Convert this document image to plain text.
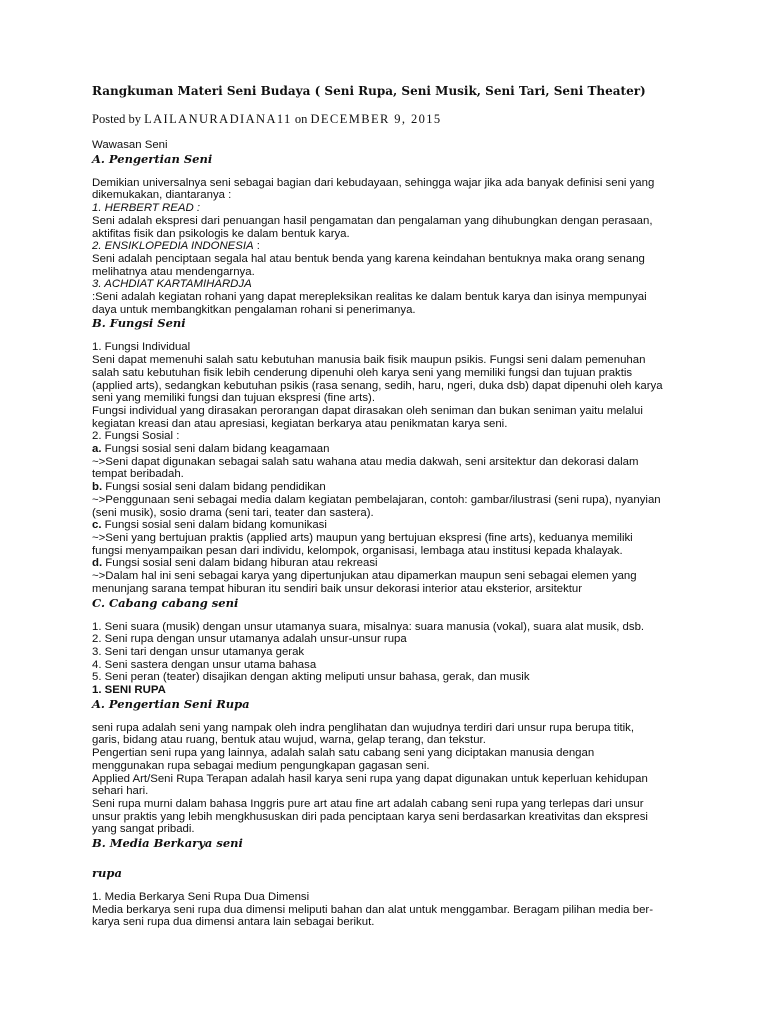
Rangkuman Materi Seni Budaya ( Seni Rupa, Seni Musik, Seni Tari, Seni Theater)

Posted by LAILANURADIANA11 on DECEMBER 9, 2015

Wawasan Seni

A. Pengertian Seni

Demikian universalnya seni sebagai bagian dari kebudayaan, sehingga wajar jika ada banyak definisi seni yang

dikemukakan, diantaranya :

1. HERBERT READ :

Seni adalah ekspresi dari penuangan hasil pengamatan dan pengalaman yang dihubungkan dengan perasaan,

aktifitas fisik dan psikologis ke dalam bentuk karya.

2. ENSIKLOPEDIA INDONESIA :

Seni adalah penciptaan segala hal atau bentuk benda yang karena keindahan bentuknya maka orang senang

melihatnya atau mendengarnya.

3. ACHDIAT KARTAMIHARDJA

:Seni adalah kegiatan rohani yang dapat merepleksikan realitas ke dalam bentuk karya dan isinya mempunyai

daya untuk membangkitkan pengalaman rohani si penerimanya.

B. Fungsi Seni

1. Fungsi Individual

Seni dapat memenuhi salah satu kebutuhan manusia baik fisik maupun psikis. Fungsi seni dalam pemenuhan

salah satu kebutuhan fisik lebih cenderung dipenuhi oleh karya seni yang memiliki fungsi dan tujuan praktis

(applied arts), sedangkan kebutuhan psikis (rasa senang, sedih, haru, ngeri, duka dsb) dapat dipenuhi oleh karya

seni yang memiliki fungsi dan tujuan ekspresi (fine arts).

Fungsi individual yang dirasakan perorangan dapat dirasakan oleh seniman dan bukan seniman yaitu melalui

kegiatan kreasi dan atau apresiasi, kegiatan berkarya atau penikmatan karya seni.

2. Fungsi Sosial :

a. Fungsi sosial seni dalam bidang keagamaan

~>Seni dapat digunakan sebagai salah satu wahana atau media dakwah, seni arsitektur dan dekorasi dalam

tempat beribadah.

b. Fungsi sosial seni dalam bidang pendidikan

~>Penggunaan seni sebagai media dalam kegiatan pembelajaran, contoh: gambar/ilustrasi (seni rupa), nyanyian

(seni musik), sosio drama (seni tari, teater dan sastera).

c. Fungsi sosial seni dalam bidang komunikasi

~>Seni yang bertujuan praktis (applied arts) maupun yang bertujuan ekspresi (fine arts), keduanya memiliki

fungsi menyampaikan pesan dari individu, kelompok, organisasi, lembaga atau institusi kepada khalayak.

d. Fungsi sosial seni dalam bidang hiburan atau rekreasi

~>Dalam hal ini seni sebagai karya yang dipertunjukan atau dipamerkan maupun seni sebagai elemen yang

menunjang sarana tempat hiburan itu sendiri baik unsur dekorasi interior atau eksterior, arsitektur

C. Cabang cabang seni

1. Seni suara (musik) dengan unsur utamanya suara, misalnya: suara manusia (vokal), suara alat musik, dsb.

2. Seni rupa dengan unsur utamanya adalah unsur-unsur rupa

3. Seni tari dengan unsur utamanya gerak

4. Seni sastera dengan unsur utama bahasa

5. Seni peran (teater) disajikan dengan akting meliputi unsur bahasa, gerak, dan musik

1. SENI RUPA

A. Pengertian Seni Rupa

seni rupa adalah seni yang nampak oleh indra penglihatan dan wujudnya terdiri dari unsur rupa berupa titik,

garis, bidang atau ruang, bentuk atau wujud, warna, gelap terang, dan tekstur.

Pengertian seni rupa yang lainnya, adalah salah satu cabang seni yang diciptakan manusia dengan

menggunakan rupa sebagai medium pengungkapan gagasan seni.

Applied Art/Seni Rupa Terapan adalah hasil karya seni rupa yang dapat digunakan untuk keperluan kehidupan

sehari hari.

Seni rupa murni dalam bahasa Inggris pure art atau fine art adalah cabang seni rupa yang terlepas dari unsur

unsur praktis yang lebih mengkhususkan diri pada penciptaan karya seni berdasarkan kreativitas dan ekspresi

yang sangat pribadi.

B. Media Berkarya seni

rupa

1. Media Berkarya Seni Rupa Dua Dimensi

Media berkarya seni rupa dua dimensi meliputi bahan dan alat untuk menggambar. Beragam pilihan media ber-

karya seni rupa dua dimensi antara lain sebagai berikut.
